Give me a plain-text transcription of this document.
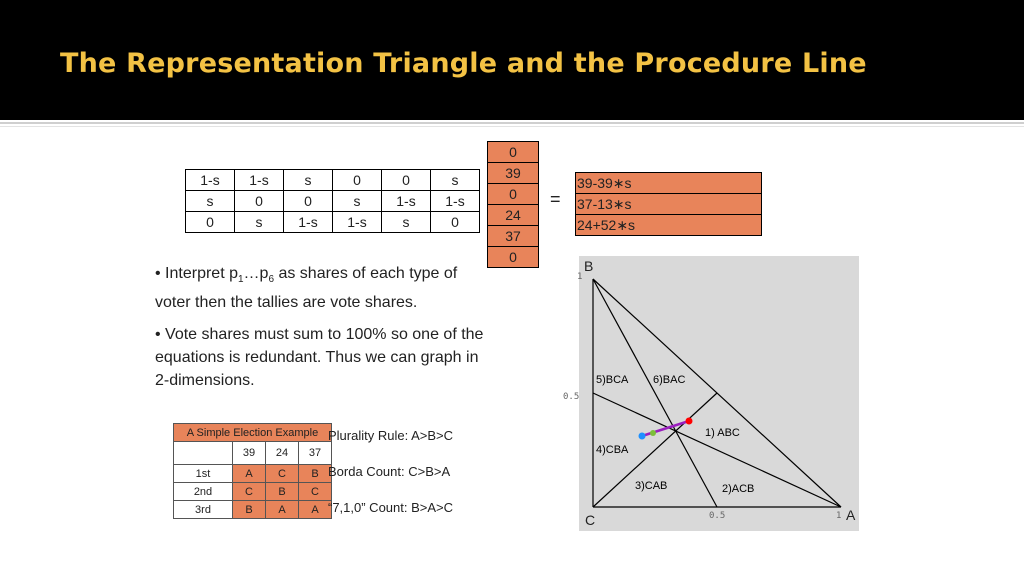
The Representation Triangle and the Procedure Line
1-s	1-s	s	0	0	s
s	0	0	s	1-s	1-s
0	s	1-s	1-s	s	0
0
39
0
24
37
0
=
39-39∗s
37-13∗s
24+52∗s
• Interpret $p_1\dots p_6$ as shares of each type of voter then the tallies are vote shares.
• Vote shares must sum to 100% so one of the equations is redundant. Thus we can graph in 2-dimensions.
A Simple Election Example			
	39	24	37
1st	A	C	B
2nd	C	B	C
3rd	B	A	A
Plurality Rule: A>B>C
Borda Count: C>B>A
“7,1,0” Count: B>A>C
5)BCA 6)BAC
1) ABC
4)CBA
3)CAB	2)ACB
1
0.5
0.5	1
B
C	A
